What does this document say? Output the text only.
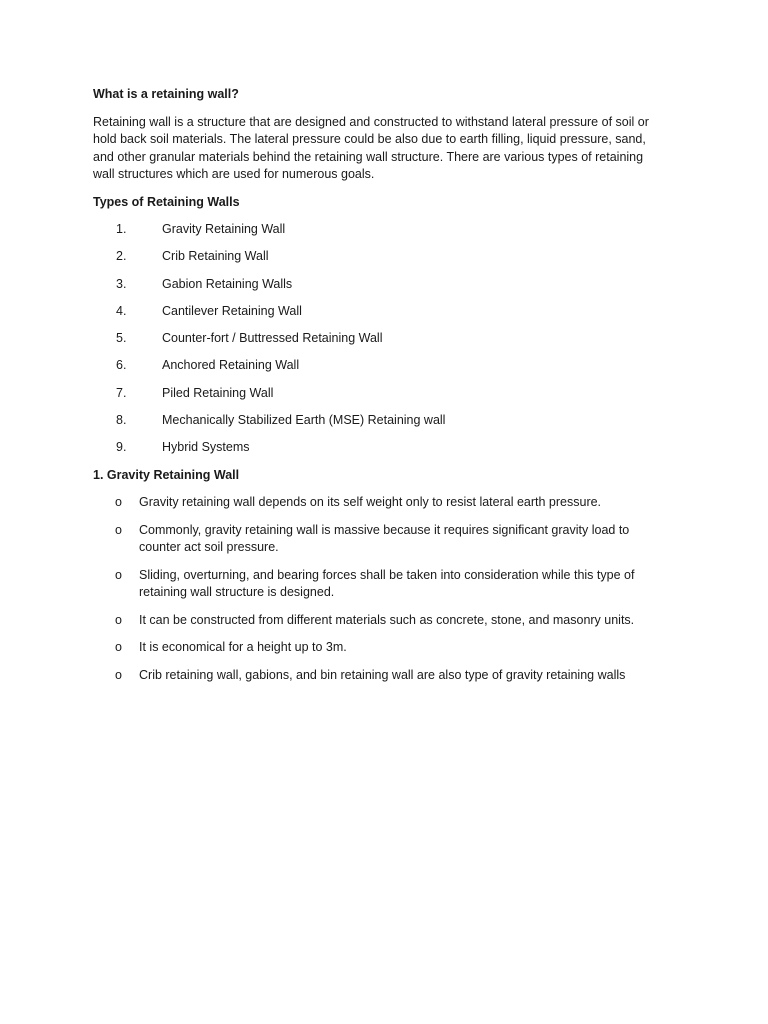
What is a retaining wall?

Retaining wall is a structure that are designed and constructed to withstand lateral pressure of soil or hold back soil materials. The lateral pressure could be also due to earth filling, liquid pressure, sand, and other granular materials behind the retaining wall structure. There are various types of retaining wall structures which are used for numerous goals.

Types of Retaining Walls

1.	Gravity Retaining Wall
2.	Crib Retaining Wall
3.	Gabion Retaining Walls
4.	Cantilever Retaining Wall
5.	Counter-fort / Buttressed Retaining Wall
6.	Anchored Retaining Wall
7.	Piled Retaining Wall
8.	Mechanically Stabilized Earth (MSE) Retaining wall
9.	Hybrid Systems

1. Gravity Retaining Wall

o	Gravity retaining wall depends on its self weight only to resist lateral earth pressure.
o	Commonly, gravity retaining wall is massive because it requires significant gravity load to counter act soil pressure.
o	Sliding, overturning, and bearing forces shall be taken into consideration while this type of retaining wall structure is designed.
o	It can be constructed from different materials such as concrete, stone, and masonry units.
o	It is economical for a height up to 3m.
o	Crib retaining wall, gabions, and bin retaining wall are also type of gravity retaining walls
